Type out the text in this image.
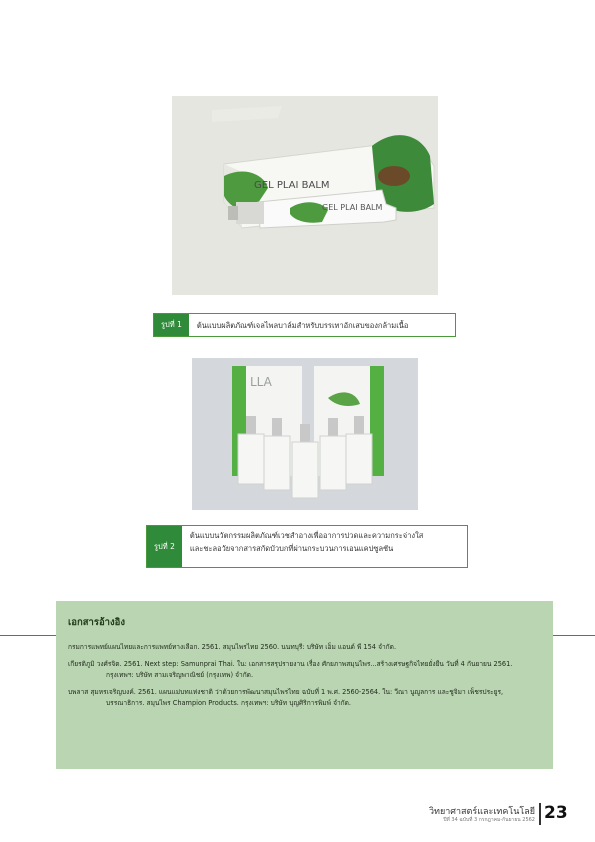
GEL PLAI BALM
GEL PLAI BALM
รูปที่ 1	ต้นแบบผลิตภัณฑ์เจลไพลบาล์มสำหรับบรรเทาอักเสบของกล้ามเนื้อ
LLA
รูปที่ 2
ต้นแบบนวัตกรรมผลิตภัณฑ์เวชสำอางเพื่ออาการปวดและความกระจ่างใส
และชะลอวัยจากสารสกัดบัวบกที่ผ่านกระบวนการเอนแคปซูลชัน
เอกสารอ้างอิง
กรมการแพทย์แผนไทยและการแพทย์ทางเลือก. 2561. สมุนไพรไทย 2560. นนทบุรี: บริษัท เอ็ม แอนด์ พี 154 จำกัด.
เกียรติภูมิ วงศ์รจิต. 2561. Next step: Samunprai Thai. ใน: เอกสารสรุปรายงาน เรื่อง ศักยภาพสมุนไพร...สร้างเศรษฐกิจไทยยั่งยืน วันที่ 4 กันยายน 2561. กรุงเทพฯ: บริษัท สามเจริญพาณิชย์ (กรุงเทพ) จำกัด.
บพลาส สุมหรเจริญบงค์. 2561. แผนแม่บทแห่งชาติ ว่าด้วยการพัฒนาสมุนไพรไทย ฉบับที่ 1 พ.ศ. 2560-2564. ใน: วีณา นูญูลการ และชูจิมา เพ็ชรประยูร, บรรณาธิการ. สมุนไพร Champion Products. กรุงเทพฯ: บริษัท บุญศิริการพิมพ์ จำกัด.
วิทยาศาสตร์และเทคโนโลยี
ปีที่ 34 ฉบับที่ 3 กรกฎาคม-กันยายน 2562 23
